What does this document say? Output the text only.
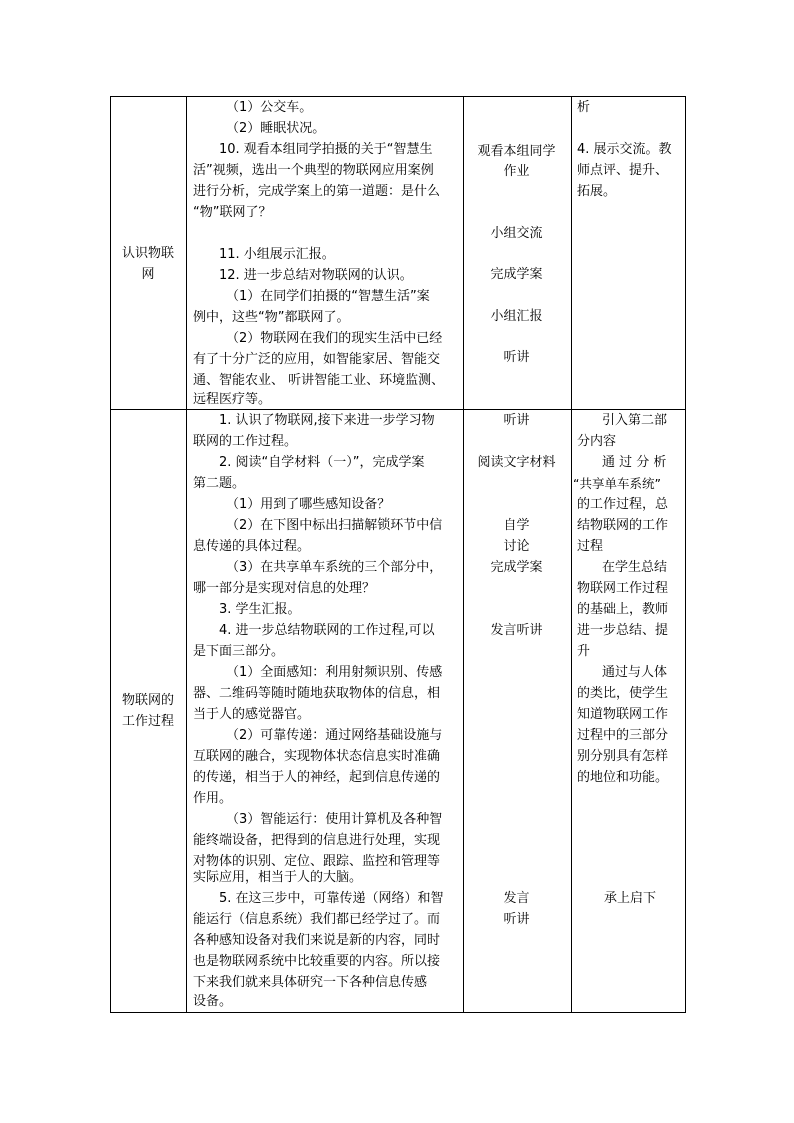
认识物联
网
（1）公交车。
（2）睡眠状况。
10. 观看本组同学拍摄的关于“智慧生
活”视频，选出一个典型的物联网应用案例
进行分析，完成学案上的第一道题：是什么
“物”联网了？
11. 小组展示汇报。
12. 进一步总结对物联网的认识。
（1）在同学们拍摄的“智慧生活”案
例中，这些“物”都联网了。
（2）物联网在我们的现实生活中已经
有了十分广泛的应用，如智能家居、智能交
通、智能农业、 听讲智能工业、环境监测、
远程医疗等。
观看本组同学
作业
小组交流
完成学案
小组汇报
听讲
析
4. 展示交流。教
师点评、提升、
拓展。
物联网的
工作过程
1. 认识了物联网,接下来进一步学习物
联网的工作过程。
2. 阅读“自学材料（一）”，完成学案
第二题。
（1）用到了哪些感知设备？
（2）在下图中标出扫描解锁环节中信
息传递的具体过程。
（3）在共享单车系统的三个部分中，
哪一部分是实现对信息的处理？
3. 学生汇报。
4. 进一步总结物联网的工作过程,可以
是下面三部分。
（1）全面感知：利用射频识别、传感
器、二维码等随时随地获取物体的信息，相
当于人的感觉器官。
（2）可靠传递：通过网络基础设施与
互联网的融合，实现物体状态信息实时准确
的传递，相当于人的神经，起到信息传递的
作用。
（3）智能运行：使用计算机及各种智
能终端设备，把得到的信息进行处理，实现
对物体的识别、定位、跟踪、监控和管理等
实际应用，相当于人的大脑。
5. 在这三步中，可靠传递（网络）和智
能运行（信息系统）我们都已经学过了。而
各种感知设备对我们来说是新的内容，同时
也是物联网系统中比较重要的内容。所以接
下来我们就来具体研究一下各种信息传感
设备。
听讲
阅读文字材料
自学
讨论
完成学案
发言听讲
发言
听讲
引入第二部
分内容
通 过 分 析
“共享单车系统”
的工作过程，总
结物联网的工作
过程
在学生总结
物联网工作过程
的基础上，教师
进一步总结、提
升
通过与人体
的类比，使学生
知道物联网工作
过程中的三部分
别分别具有怎样
的地位和功能。
承上启下
